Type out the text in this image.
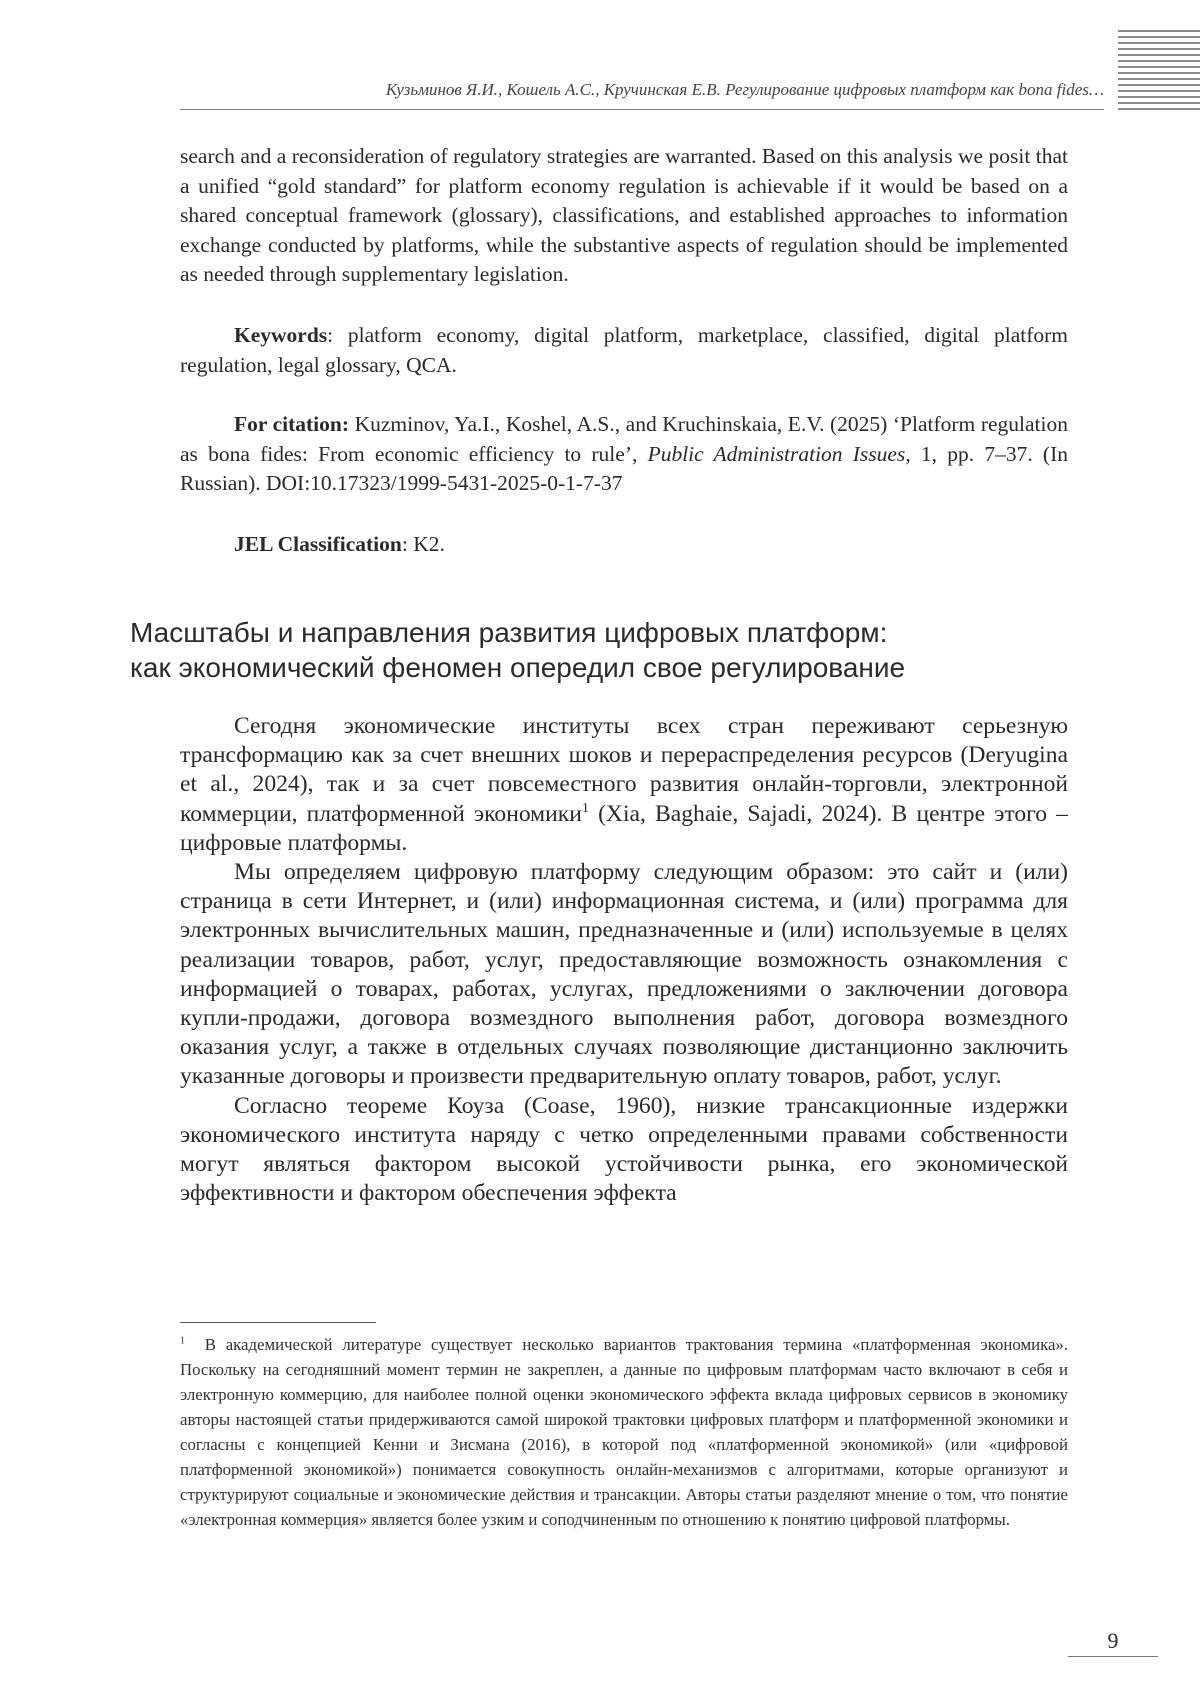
Кузьминов Я.И., Кошель А.С., Кручинская Е.В. Регулирование цифровых платформ как bona fides…

search and a reconsideration of regulatory strategies are warranted. Based on this analysis we posit that a unified “gold standard” for platform economy regulation is achievable if it would be based on a shared conceptual framework (glossary), classifications, and established approaches to information exchange conducted by platforms, while the substantive aspects of regulation should be implemented as needed through supplementary legislation.

Keywords: platform economy, digital platform, marketplace, classified, digital platform regulation, legal glossary, QCA.

For citation: Kuzminov, Ya.I., Koshel, A.S., and Kruchinskaia, E.V. (2025) ‘Platform regulation as bona fides: From economic efficiency to rule’, Public Administration Issues, 1, pp. 7–37. (In Russian). DOI:10.17323/1999-5431-2025-0-1-7-37

JEL Classification: K2.

Масштабы и направления развития цифровых платформ:
как экономический феномен опередил свое регулирование

Сегодня экономические институты всех стран переживают серьезную трансформацию как за счет внешних шоков и перераспределения ресурсов (Deryugina et al., 2024), так и за счет повсеместного развития онлайн-торговли, электронной коммерции, платформенной экономики$^1$ (Xia, Baghaie, Sajadi, 2024). В центре этого – цифровые платформы.

Мы определяем цифровую платформу следующим образом: это сайт и (или) страница в сети Интернет, и (или) информационная система, и (или) программа для электронных вычислительных машин, предназначенные и (или) используемые в целях реализации товаров, работ, услуг, предоставляющие возможность ознакомления с информацией о товарах, работах, услугах, предложениями о заключении договора купли-продажи, договора возмездного выполнения работ, договора возмездного оказания услуг, а также в отдельных случаях позволяющие дистанционно заключить указанные договоры и произвести предварительную оплату товаров, работ, услуг.

Согласно теореме Коуза (Coase, 1960), низкие трансакционные издержки экономического института наряду с четко определенными правами собственности могут являться фактором высокой устойчивости рынка, его экономической эффективности и фактором обеспечения эффекта

$^1$ В академической литературе существует несколько вариантов трактования термина «платформенная экономика». Поскольку на сегодняшний момент термин не закреплен, а данные по цифровым платформам часто включают в себя и электронную коммерцию, для наиболее полной оценки экономического эффекта вклада цифровых сервисов в экономику авторы настоящей статьи придерживаются самой широкой трактовки цифровых платформ и платформенной экономики и согласны с концепцией Кенни и Зисмана (2016), в которой под «платформенной экономикой» (или «цифровой платформенной экономикой») понимается совокупность онлайн-механизмов с алгоритмами, которые организуют и структурируют социальные и экономические действия и трансакции. Авторы статьи разделяют мнение о том, что понятие «электронная коммерция» является более узким и соподчиненным по отношению к понятию цифровой платформы.

9
